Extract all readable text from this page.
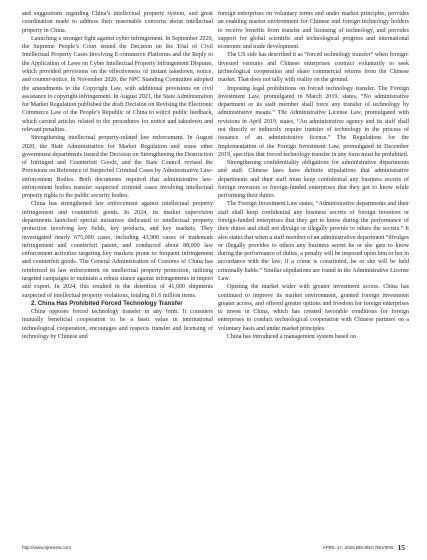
and suggestions regarding China’s intellectual property system, and great coordination made to address their reasonable concerns about intellectual property in China.

Launching a stronger fight against cyber infringement. In September 2020, the Supreme People’s Court issued the Decision on the Trial of Civil Intellectual Property Cases Involving E-commerce Platforms and the Reply to the Application of Laws on Cyber Intellectual Property Infringement Disputes, which provided provisions on the effectiveness of instant takedown, notice, and counter-notice. In November 2020, the NPC Standing Committee adopted the amendments to the Copyright Law, with additional provisions on civil assistance to copyright infringement. In August 2021, the State Administration for Market Regulation published the draft Decision on Revising the Electronic Commerce Law of the People’s Republic of China to solicit public feedback, which carried articles related to the procedures for notice and takedown and relevant penalties.

Strengthening intellectual property-related law enforcement. In August 2020, the State Administration for Market Regulation and some other government departments issued the Decision on Strengthening the Destruction of Infringed and Counterfeit Goods, and the State Council revised the Provisions on Reference of Suspected Criminal Cases by Administrative Law-enforcement Bodies. Both documents required that administrative law-enforcement bodies transfer suspected criminal cases involving intellectual property rights to the public security bodies.

China has strengthened law enforcement against intellectual property infringement and counterfeit goods. In 2024, its market supervision departments launched special initiatives dedicated to intellectual property protection involving key fields, key products, and key markets. They investigated nearly 675,000 cases, including 43,900 cases of trademark infringement and counterfeit patent, and conducted about 88,000 law enforcement activities targeting key markets prone to frequent infringement and counterfeit goods. The General Administration of Customs of China has reinforced its law enforcement on intellectual property protection, utilizing targeted campaigns to maintain a robust stance against infringements in import and export. In 2024, this resulted in the detention of 41,600 shipments suspected of intellectual property violations, totaling 81.6 million items.

2. China Has Prohibited Forced Technology Transfer

China opposes forced technology transfer in any form. It considers mutually beneficial cooperation to be a basic value in international technological cooperation, encourages and respects transfer and licensing of technology by Chinese and

foreign enterprises on voluntary terms and under market principles, provides an enabling market environment for Chinese and foreign technology holders to receive benefits from transfer and licensing of technology, and provides support for global scientific and technological progress and international economic and trade development.

The US side has described it as “forced technology transfer” when foreign-invested ventures and Chinese enterprises contract voluntarily to seek technological cooperation and share commercial returns from the Chinese market. That does not tally with reality on the ground.

Imposing legal prohibitions on forced technology transfer. The Foreign Investment Law, promulgated in March 2019, states, “No administrative department or its staff member shall force any transfer of technology by administrative means.” The Administrative License Law, promulgated with revisions in April 2019, states, “An administrative agency and its staff shall not directly or indirectly require transfer of technology in the process of issuance of an administrative license.” The Regulations for the Implementation of the Foreign Investment Law, promulgated in December 2019, specifies that forced technology transfer in any form must be prohibited.

Strengthening confidentiality obligations for administrative departments and staff. Chinese laws have definite stipulations that administrative departments and their staff must keep confidential any business secrets of foreign investors or foreign-funded enterprises that they get to know while performing their duties.

The Foreign Investment Law states, “Administrative departments and their staff shall keep confidential any business secrets of foreign investors or foreign-funded enterprises that they get to know during the performance of their duties and shall not divulge or illegally provide to others the secrets.” It also states that when a staff member of an administrative department “divulges or illegally provides to others any business secret he or she gets to know during the performance of duties, a penalty will be imposed upon him or her in accordance with the law; if a crime is constituted, he or she will be held criminally liable.” Similar stipulations are found in the Administrative License Law.

Opening the market wider with greater investment access. China has continued to improve its market environment, granted foreign investment greater access, and offered greater options and freedom for foreign enterprises to invest in China, which has created favorable conditions for foreign enterprises to conduct technological cooperation with Chinese partners on a voluntary basis and under market principles.

China has introduced a management system based on

http://www.bjreview.com	APRIL 17, 2025 BEIJING REVIEW 15
